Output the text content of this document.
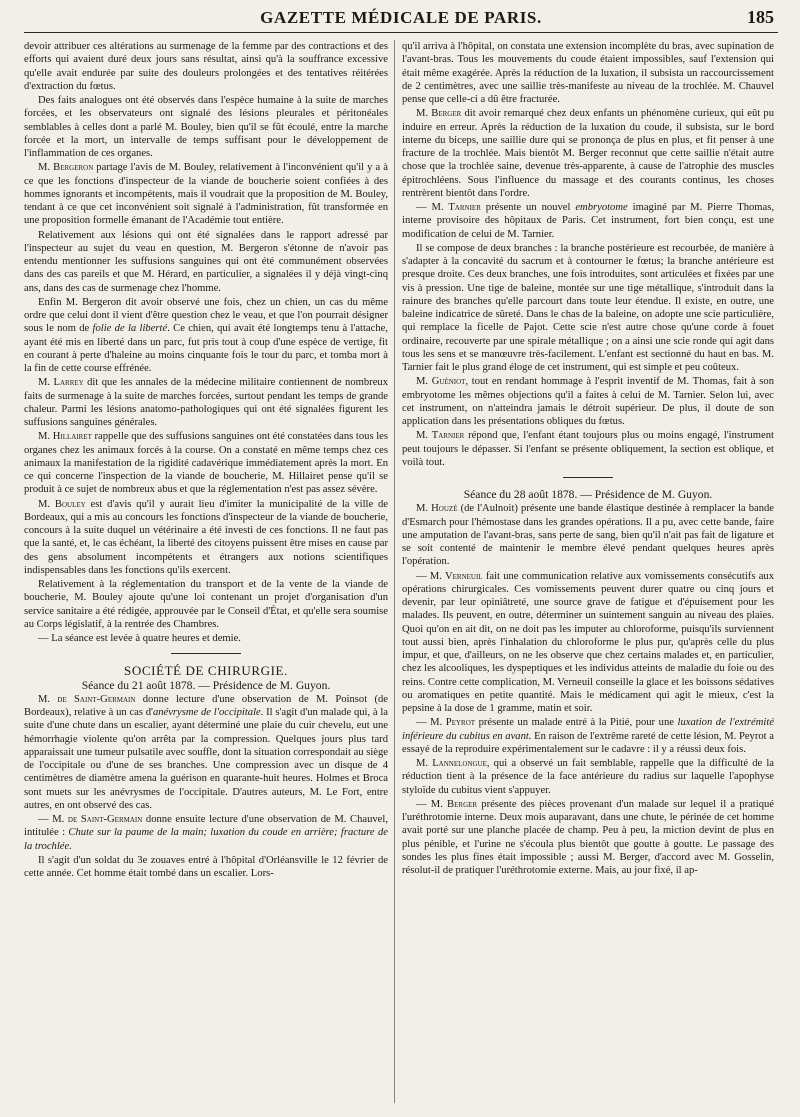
GAZETTE MÉDICALE DE PARIS.	185

devoir attribuer ces altérations au surmenage de la femme par des contractions et des efforts qui avaient duré deux jours sans résultat, ainsi qu'à la souffrance excessive qu'elle avait endurée par suite des douleurs prolongées et des tentatives réitérées d'extraction du fœtus.

Des faits analogues ont été observés dans l'espèce humaine à la suite de marches forcées, et les observateurs ont signalé des lésions pleurales et péritonéales semblables à celles dont a parlé M. Bouley, bien qu'il se fût écoulé, entre la marche forcée et la mort, un intervalle de temps suffisant pour le développement de l'inflammation de ces organes.

M. Bergeron partage l'avis de M. Bouley, relativement à l'inconvénient qu'il y a à ce que les fonctions d'inspecteur de la viande de boucherie soient confiées à des hommes ignorants et incompétents, mais il voudrait que la proposition de M. Bouley, tendant à ce que cet inconvénient soit signalé à l'administration, fût transformée en une proposition formelle émanant de l'Académie tout entière.

Relativement aux lésions qui ont été signalées dans le rapport adressé par l'inspecteur au sujet du veau en question, M. Bergeron s'étonne de n'avoir pas entendu mentionner les suffusions sanguines qui ont été communément observées dans des cas pareils et que M. Hérard, en particulier, a signalées il y déjà vingt-cinq ans, dans des cas de surmenage chez l'homme.

Enfin M. Bergeron dit avoir observé une fois, chez un chien, un cas du même ordre que celui dont il vient d'être question chez le veau, et que l'on pourrait désigner sous le nom de folie de la liberté. Ce chien, qui avait été longtemps tenu à l'attache, ayant été mis en liberté dans un parc, fut pris tout à coup d'une espèce de vertige, fit en courant à perte d'haleine au moins cinquante fois le tour du parc, et tomba mort à la fin de cette course effrénée.

M. Larrey dit que les annales de la médecine militaire contiennent de nombreux faits de surmenage à la suite de marches forcées, surtout pendant les temps de grande chaleur. Parmi les lésions anatomo-pathologiques qui ont été signalées figurent les suffusions sanguines générales.

M. Hillairet rappelle que des suffusions sanguines ont été constatées dans tous les organes chez les animaux forcés à la course. On a constaté en même temps chez ces animaux la manifestation de la rigidité cadavérique immédiatement après la mort. En ce qui concerne l'inspection de la viande de boucherie, M. Hillairet pense qu'il se produit à ce sujet de nombreux abus et que la réglementation n'est pas assez sévère.

M. Bouley est d'avis qu'il y aurait lieu d'imiter la municipalité de la ville de Bordeaux, qui a mis au concours les fonctions d'inspecteur de la viande de boucherie, concours à la suite duquel un vétérinaire a été investi de ces fonctions. Il ne faut pas que la santé, et, le cas échéant, la liberté des citoyens puissent être mises en cause par des gens absolument incompétents et étrangers aux notions scientifiques indispensables dans les fonctions qu'ils exercent.

Relativement à la réglementation du transport et de la vente de la viande de boucherie, M. Bouley ajoute qu'une loi contenant un projet d'organisation d'un service sanitaire a été rédigée, approuvée par le Conseil d'État, et qu'elle sera soumise au Corps législatif, à la rentrée des Chambres.

— La séance est levée à quatre heures et demie.

SOCIÉTÉ DE CHIRURGIE.

Séance du 21 août 1878. — Présidence de M. Guyon.

M. de Saint-Germain donne lecture d'une observation de M. Poinsot (de Bordeaux), relative à un cas d'anévrysme de l'occipitale. Il s'agit d'un malade qui, à la suite d'une chute dans un escalier, ayant déterminé une plaie du cuir chevelu, eut une hémorrhagie violente qu'on arrêta par la compression. Quelques jours plus tard apparaissait une tumeur pulsatile avec souffle, dont la situation correspondait au siège de l'occipitale ou d'une de ses branches. Une compression avec un disque de 4 centimètres de diamètre amena la guérison en quarante-huit heures. Holmes et Broca sont muets sur les anévrysmes de l'occipitale. D'autres auteurs, M. Le Fort, entre autres, en ont observé des cas.

— M. de Saint-Germain donne ensuite lecture d'une observation de M. Chauvel, intitulée : Chute sur la paume de la main; luxation du coude en arrière; fracture de la trochlée.

Il s'agit d'un soldat du 3e zouaves entré à l'hôpital d'Orléansville le 12 février de cette année. Cet homme était tombé dans un escalier. Lors-

qu'il arriva à l'hôpital, on constata une extension incomplète du bras, avec supination de l'avant-bras. Tous les mouvements du coude étaient impossibles, sauf l'extension qui était même exagérée. Après la réduction de la luxation, il subsista un raccourcissement de 2 centimètres, avec une saillie très-manifeste au niveau de la trochlée. M. Chauvel pense que celle-ci a dû être fracturée.

M. Berger dit avoir remarqué chez deux enfants un phénomène curieux, qui eût pu induire en erreur. Après la réduction de la luxation du coude, il subsista, sur le bord interne du biceps, une saillie dure qui se prononça de plus en plus, et fit penser à une fracture de la trochlée. Mais bientôt M. Berger reconnut que cette saillie n'était autre chose que la trochlée saine, devenue très-apparente, à cause de l'atrophie des muscles épitrochléens. Sous l'influence du massage et des courants continus, les choses rentrèrent bientôt dans l'ordre.

— M. Tarnier présente un nouvel embryotome imaginé par M. Pierre Thomas, interne provisoire des hôpitaux de Paris. Cet instrument, fort bien conçu, est une modification de celui de M. Tarnier.

Il se compose de deux branches : la branche postérieure est recourbée, de manière à s'adapter à la concavité du sacrum et à contourner le fœtus; la branche antérieure est presque droite. Ces deux branches, une fois introduites, sont articulées et fixées par une vis à pression. Une tige de baleine, montée sur une tige métallique, s'introduit dans la rainure des branches qu'elle parcourt dans toute leur étendue. Il existe, en outre, une baleine indicatrice de sûreté. Dans le chas de la baleine, on adopte une scie particulière, qui remplace la ficelle de Pajot. Cette scie n'est autre chose qu'une corde à fouet ordinaire, recouverte par une spirale métallique ; on a ainsi une scie ronde qui agit dans tous les sens et se manœuvre très-facilement. L'enfant est sectionné du haut en bas. M. Tarnier fait le plus grand éloge de cet instrument, qui est simple et peu coûteux.

M. Guéniot, tout en rendant hommage à l'esprit inventif de M. Thomas, fait à son embryotome les mêmes objections qu'il a faites à celui de M. Tarnier. Selon lui, avec cet instrument, on n'atteindra jamais le détroit supérieur. De plus, il doute de son application dans les présentations obliques du fœtus.

M. Tarnier répond que, l'enfant étant toujours plus ou moins engagé, l'instrument peut toujours le dépasser. Si l'enfant se présente obliquement, la section est oblique, et voilà tout.

Séance du 28 août 1878. — Présidence de M. Guyon.

M. Houzé (de l'Aulnoit) présente une bande élastique destinée à remplacer la bande d'Esmarch pour l'hémostase dans les grandes opérations. Il a pu, avec cette bande, faire une amputation de l'avant-bras, sans perte de sang, bien qu'il n'ait pas fait de ligature et se soit contenté de maintenir le membre élevé pendant quelques heures après l'opération.

— M. Verneuil fait une communication relative aux vomissements consécutifs aux opérations chirurgicales. Ces vomissements peuvent durer quatre ou cinq jours et devenir, par leur opiniâtreté, une source grave de fatigue et d'épuisement pour les malades. Ils peuvent, en outre, déterminer un suintement sanguin au niveau des plaies. Quoi qu'on en ait dit, on ne doit pas les imputer au chloroforme, puisqu'ils surviennent tout aussi bien, après l'inhalation du chloroforme le plus pur, qu'après celle du plus impur, et que, d'ailleurs, on ne les observe que chez certains malades et, en particulier, chez les alcooliques, les dyspeptiques et les individus atteints de maladie du foie ou des reins. Contre cette complication, M. Verneuil conseille la glace et les boissons sédatives ou aromatiques en petite quantité. Mais le médicament qui agit le mieux, c'est la pepsine à la dose de 1 gramme, matin et soir.

— M. Peyrot présente un malade entré à la Pitié, pour une luxation de l'extrémité inférieure du cubitus en avant. En raison de l'extrême rareté de cette lésion, M. Peyrot a essayé de la reproduire expérimentalement sur le cadavre : il y a réussi deux fois.

M. Lannelongue, qui a observé un fait semblable, rappelle que la difficulté de la réduction tient à la présence de la face antérieure du radius sur laquelle l'apophyse styloïde du cubitus vient s'appuyer.

— M. Berger présente des pièces provenant d'un malade sur lequel il a pratiqué l'uréthrotomie interne. Deux mois auparavant, dans une chute, le périnée de cet homme avait porté sur une planche placée de champ. Peu à peu, la miction devint de plus en plus pénible, et l'urine ne s'écoula plus bientôt que goutte à goutte. Le passage des sondes les plus fines était impossible ; aussi M. Berger, d'accord avec M. Gosselin, résolut-il de pratiquer l'uréthrotomie externe. Mais, au jour fixé, il ap-
